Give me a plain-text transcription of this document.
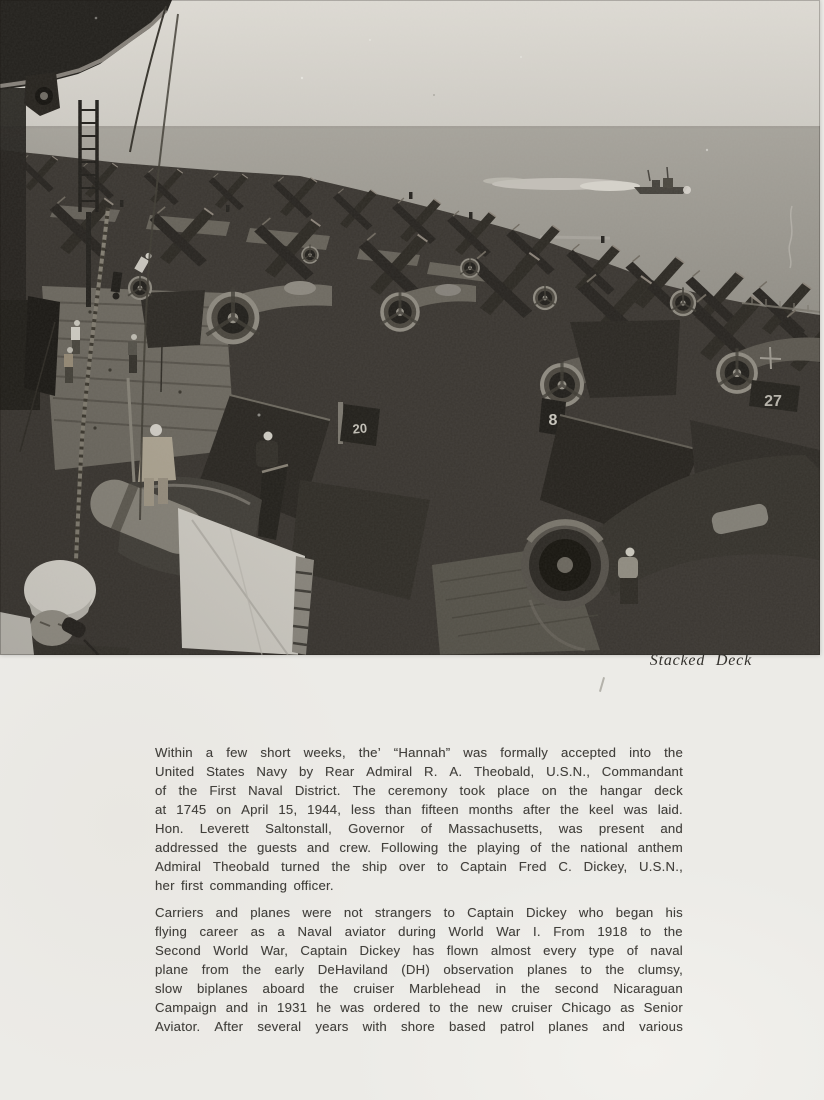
Stacked Deck
Within a few short weeks, the’ “Hannah” was formally accepted into the
United States Navy by Rear Admiral R. A. Theobald, U.S.N., Commandant
of the First Naval District. The ceremony took place on the hangar deck
at 1745 on April 15, 1944, less than fifteen months after the keel was laid.
Hon. Leverett Saltonstall, Governor of Massachusetts, was present and
addressed the guests and crew. Following the playing of the national anthem
Admiral Theobald turned the ship over to Captain Fred C. Dickey, U.S.N.,
her first commanding officer.
Carriers and planes were not strangers to Captain Dickey who began his
flying career as a Naval aviator during World War I. From 1918 to the
Second World War, Captain Dickey has flown almost every type of naval
plane from the early DeHaviland (DH) observation planes to the clumsy,
slow biplanes aboard the cruiser Marblehead in the second Nicaraguan
Campaign and in 1931 he was ordered to the new cruiser Chicago as Senior
Aviator. After several years with shore based patrol planes and various
